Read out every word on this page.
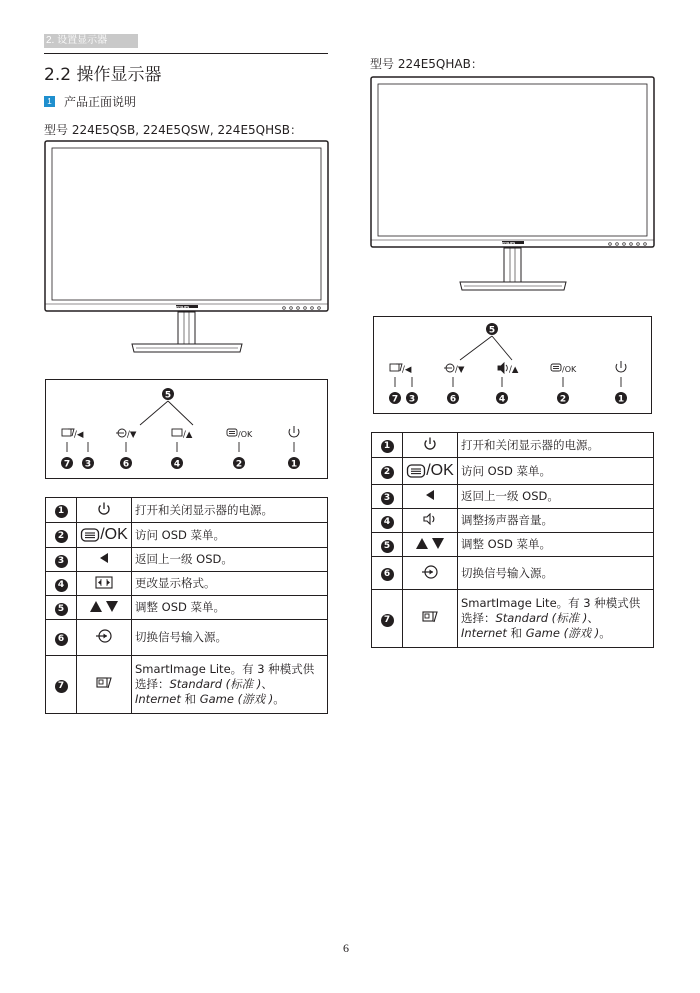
2. 设置显示器
2.2 操作显示器
1 产品正面说明
型号 224E5QSB, 224E5QSW, 224E5QHSB：
PHILIPS
5
/◀	/▼	/▲	/OK
7 3	6	4	2	1
1		打开和关闭显示器的电源。
2	/OK	访问 OSD 菜单。
3		返回上一级 OSD。
4		更改显示格式。
5		调整 OSD 菜单。
6		切换信号输入源。
7		SmartImage Lite。有 3 种模式供选择：Standard (标准 )、
Internet 和 Game (游戏 )。
型号 224E5QHAB：
PHILIPS
5
/◀	/▼	/▲	/OK
7 3	6	4	2	1
1		打开和关闭显示器的电源。
2	/OK	访问 OSD 菜单。
3		返回上一级 OSD。
4		调整扬声器音量。
5		调整 OSD 菜单。
6		切换信号输入源。
7		SmartImage Lite。有 3 种模式供选择：Standard (标准 )、
Internet 和 Game (游戏 )。
6
